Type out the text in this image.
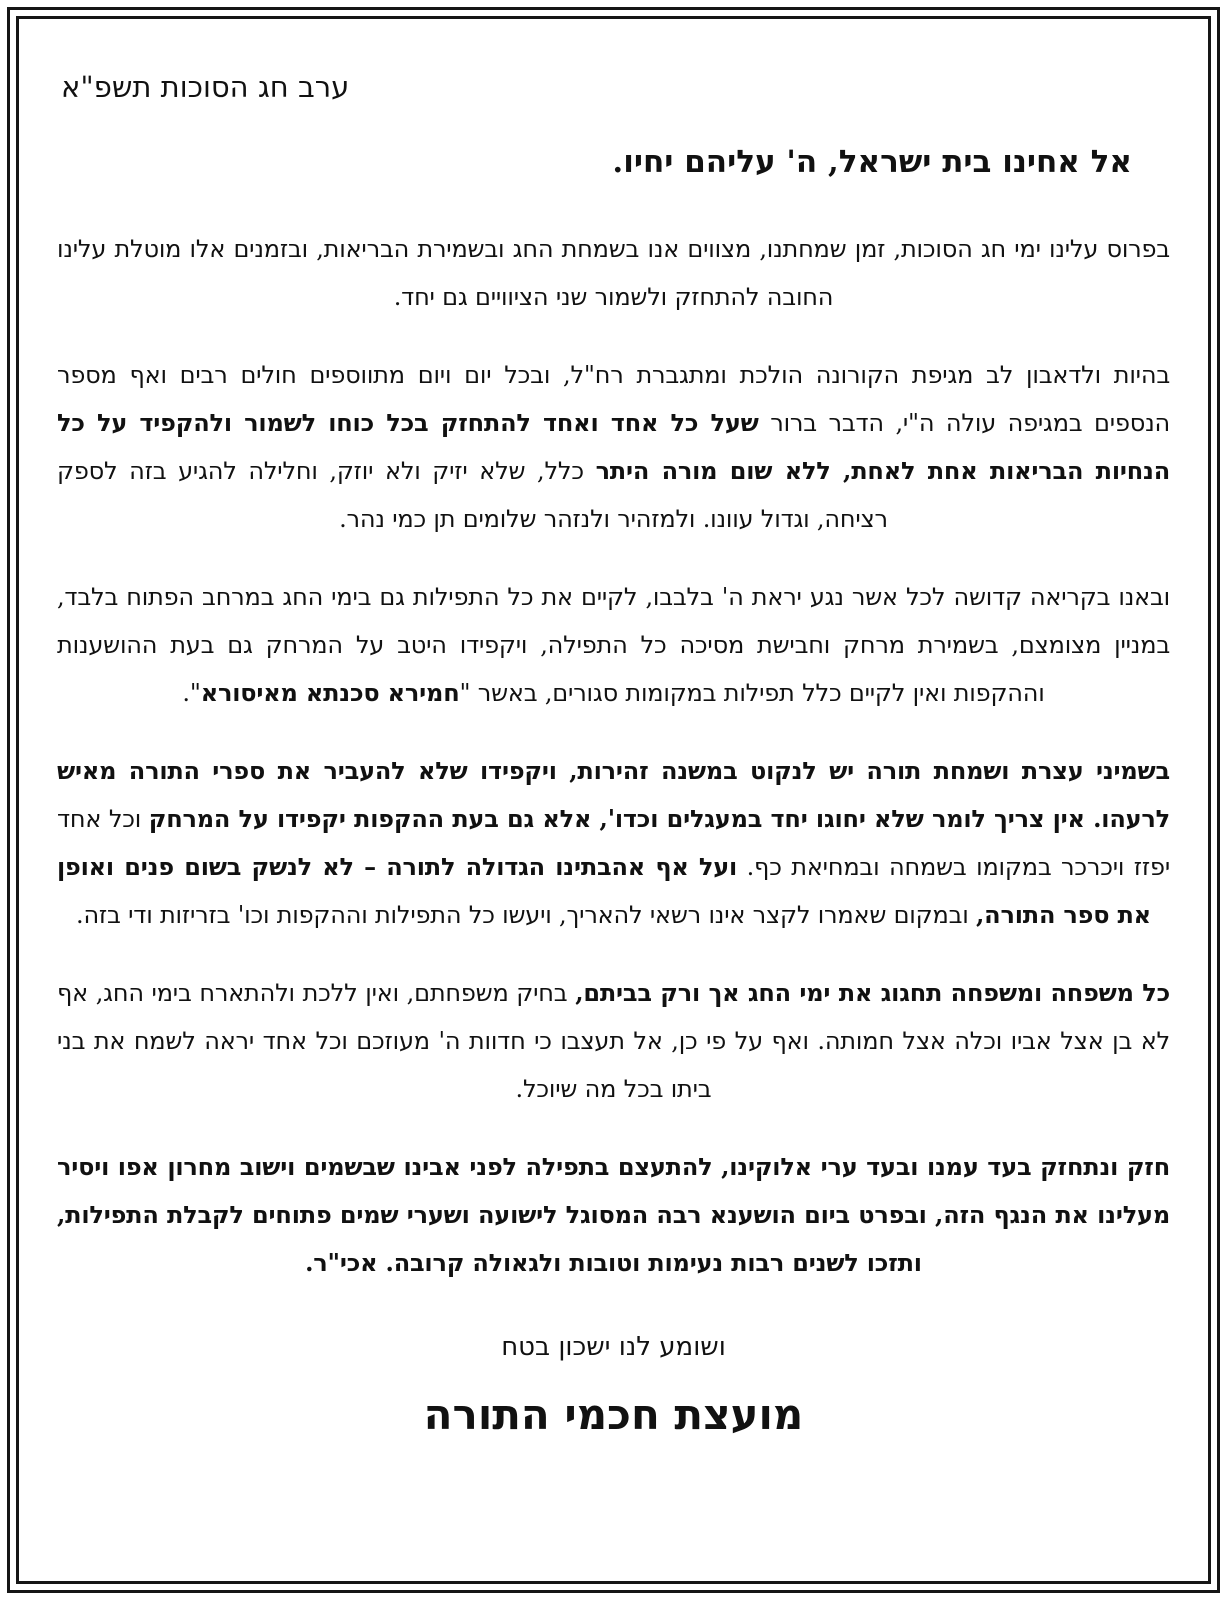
ערב חג הסוכות תשפ"א
אל אחינו בית ישראל, ה' עליהם יחיו.
בפרוס עלינו ימי חג הסוכות, זמן שמחתנו, מצווים אנו בשמחת החג ובשמירת הבריאות, ובזמנים אלו מוטלת עלינו החובה להתחזק ולשמור שני הציוויים גם יחד.
בהיות ולדאבון לב מגיפת הקורונה הולכת ומתגברת רח"ל, ובכל יום ויום מתווספים חולים רבים ואף מספר הנספים במגיפה עולה ה"י, הדבר ברור שעל כל אחד ואחד להתחזק בכל כוחו לשמור ולהקפיד על כל הנחיות הבריאות אחת לאחת, ללא שום מורה היתר כלל, שלא יזיק ולא יוזק, וחלילה להגיע בזה לספק רציחה, וגדול עוונו. ולמזהיר ולנזהר שלומים תן כמי נהר.
ובאנו בקריאה קדושה לכל אשר נגע יראת ה' בלבבו, לקיים את כל התפילות גם בימי החג במרחב הפתוח בלבד, במניין מצומצם, בשמירת מרחק וחבישת מסיכה כל התפילה, ויקפידו היטב על המרחק גם בעת ההושענות וההקפות ואין לקיים כלל תפילות במקומות סגורים, באשר "חמירא סכנתא מאיסורא".
בשמיני עצרת ושמחת תורה יש לנקוט במשנה זהירות, ויקפידו שלא להעביר את ספרי התורה מאיש לרעהו. אין צריך לומר שלא יחוגו יחד במעגלים וכדו', אלא גם בעת ההקפות יקפידו על המרחק וכל אחד יפזז ויכרכר במקומו בשמחה ובמחיאת כף. ועל אף אהבתינו הגדולה לתורה – לא לנשק בשום פנים ואופן את ספר התורה, ובמקום שאמרו לקצר אינו רשאי להאריך, ויעשו כל התפילות וההקפות וכו' בזריזות ודי בזה.
כל משפחה ומשפחה תחגוג את ימי החג אך ורק בביתם, בחיק משפחתם, ואין ללכת ולהתארח בימי החג, אף לא בן אצל אביו וכלה אצל חמותה. ואף על פי כן, אל תעצבו כי חדוות ה' מעוזכם וכל אחד יראה לשמח את בני ביתו בכל מה שיוכל.
חזק ונתחזק בעד עמנו ובעד ערי אלוקינו, להתעצם בתפילה לפני אבינו שבשמים וישוב מחרון אפו ויסיר מעלינו את הנגף הזה, ובפרט ביום הושענא רבה המסוגל לישועה ושערי שמים פתוחים לקבלת התפילות, ותזכו לשנים רבות נעימות וטובות ולגאולה קרובה. אכי"ר.
ושומע לנו ישכון בטח
מועצת חכמי התורה
